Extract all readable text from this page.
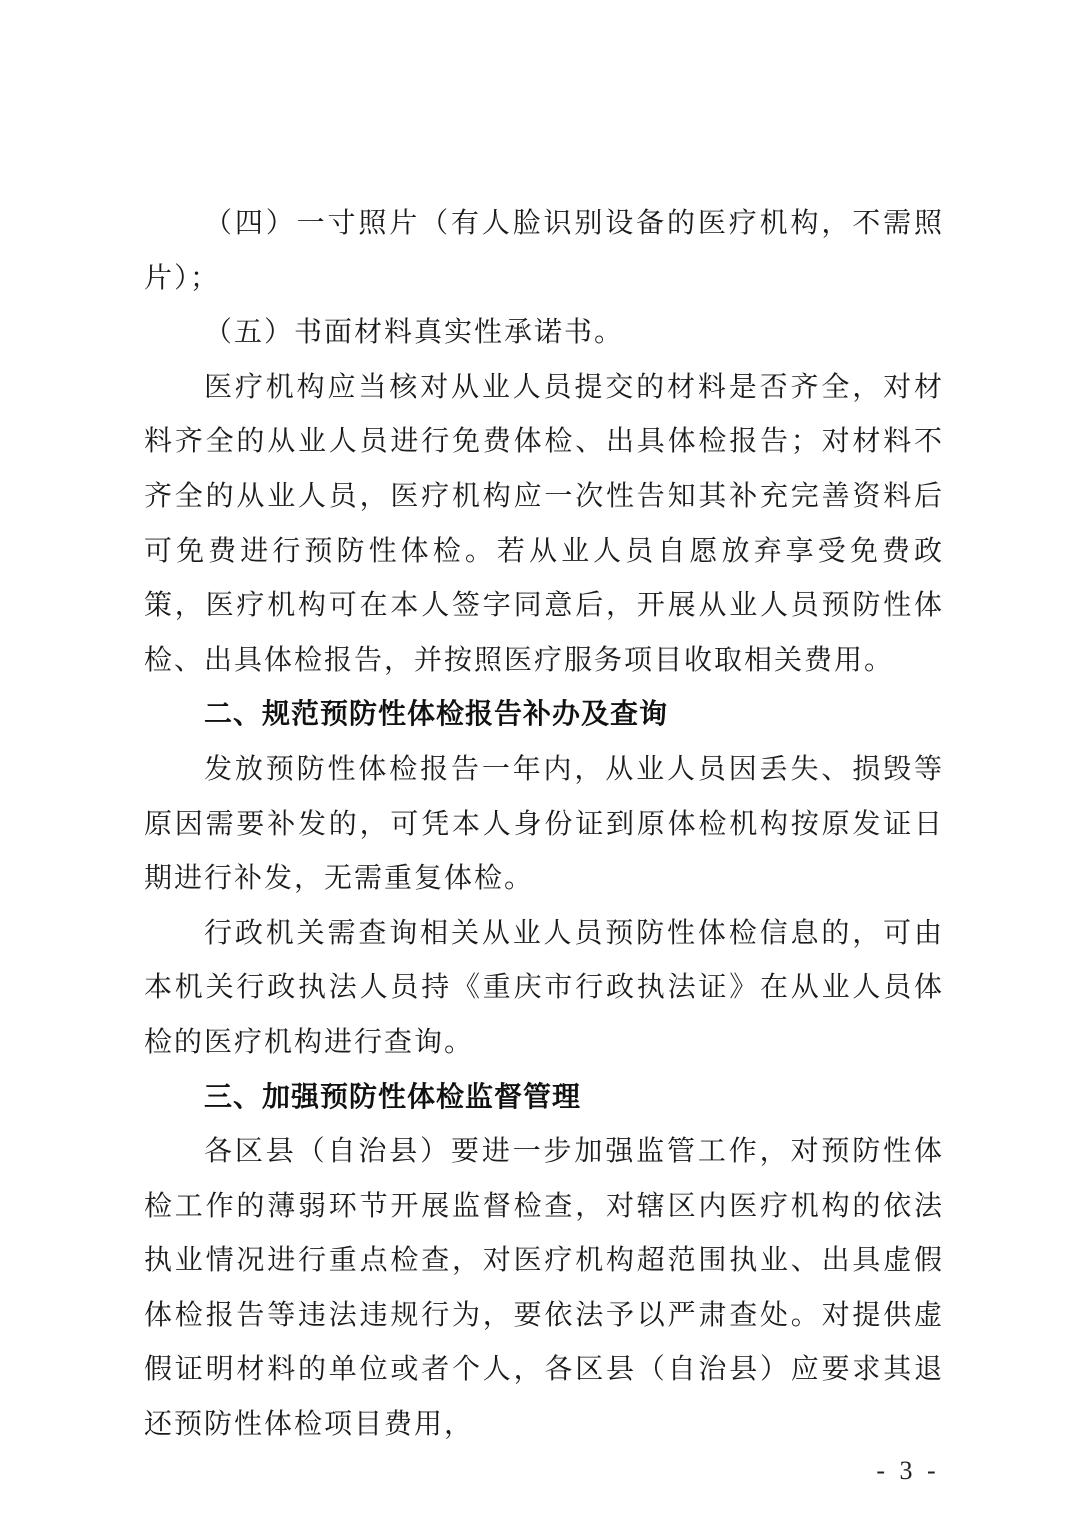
（四）一寸照片（有人脸识别设备的医疗机构，不需照片）；

（五）书面材料真实性承诺书。

医疗机构应当核对从业人员提交的材料是否齐全，对材料齐全的从业人员进行免费体检、出具体检报告；对材料不齐全的从业人员，医疗机构应一次性告知其补充完善资料后可免费进行预防性体检。若从业人员自愿放弃享受免费政策，医疗机构可在本人签字同意后，开展从业人员预防性体检、出具体检报告，并按照医疗服务项目收取相关费用。

二、规范预防性体检报告补办及查询

发放预防性体检报告一年内，从业人员因丢失、损毁等原因需要补发的，可凭本人身份证到原体检机构按原发证日期进行补发，无需重复体检。

行政机关需查询相关从业人员预防性体检信息的，可由本机关行政执法人员持《重庆市行政执法证》在从业人员体检的医疗机构进行查询。

三、加强预防性体检监督管理

各区县（自治县）要进一步加强监管工作，对预防性体检工作的薄弱环节开展监督检查，对辖区内医疗机构的依法执业情况进行重点检查，对医疗机构超范围执业、出具虚假体检报告等违法违规行为，要依法予以严肃查处。对提供虚假证明材料的单位或者个人，各区县（自治县）应要求其退还预防性体检项目费用，

- 3 -
